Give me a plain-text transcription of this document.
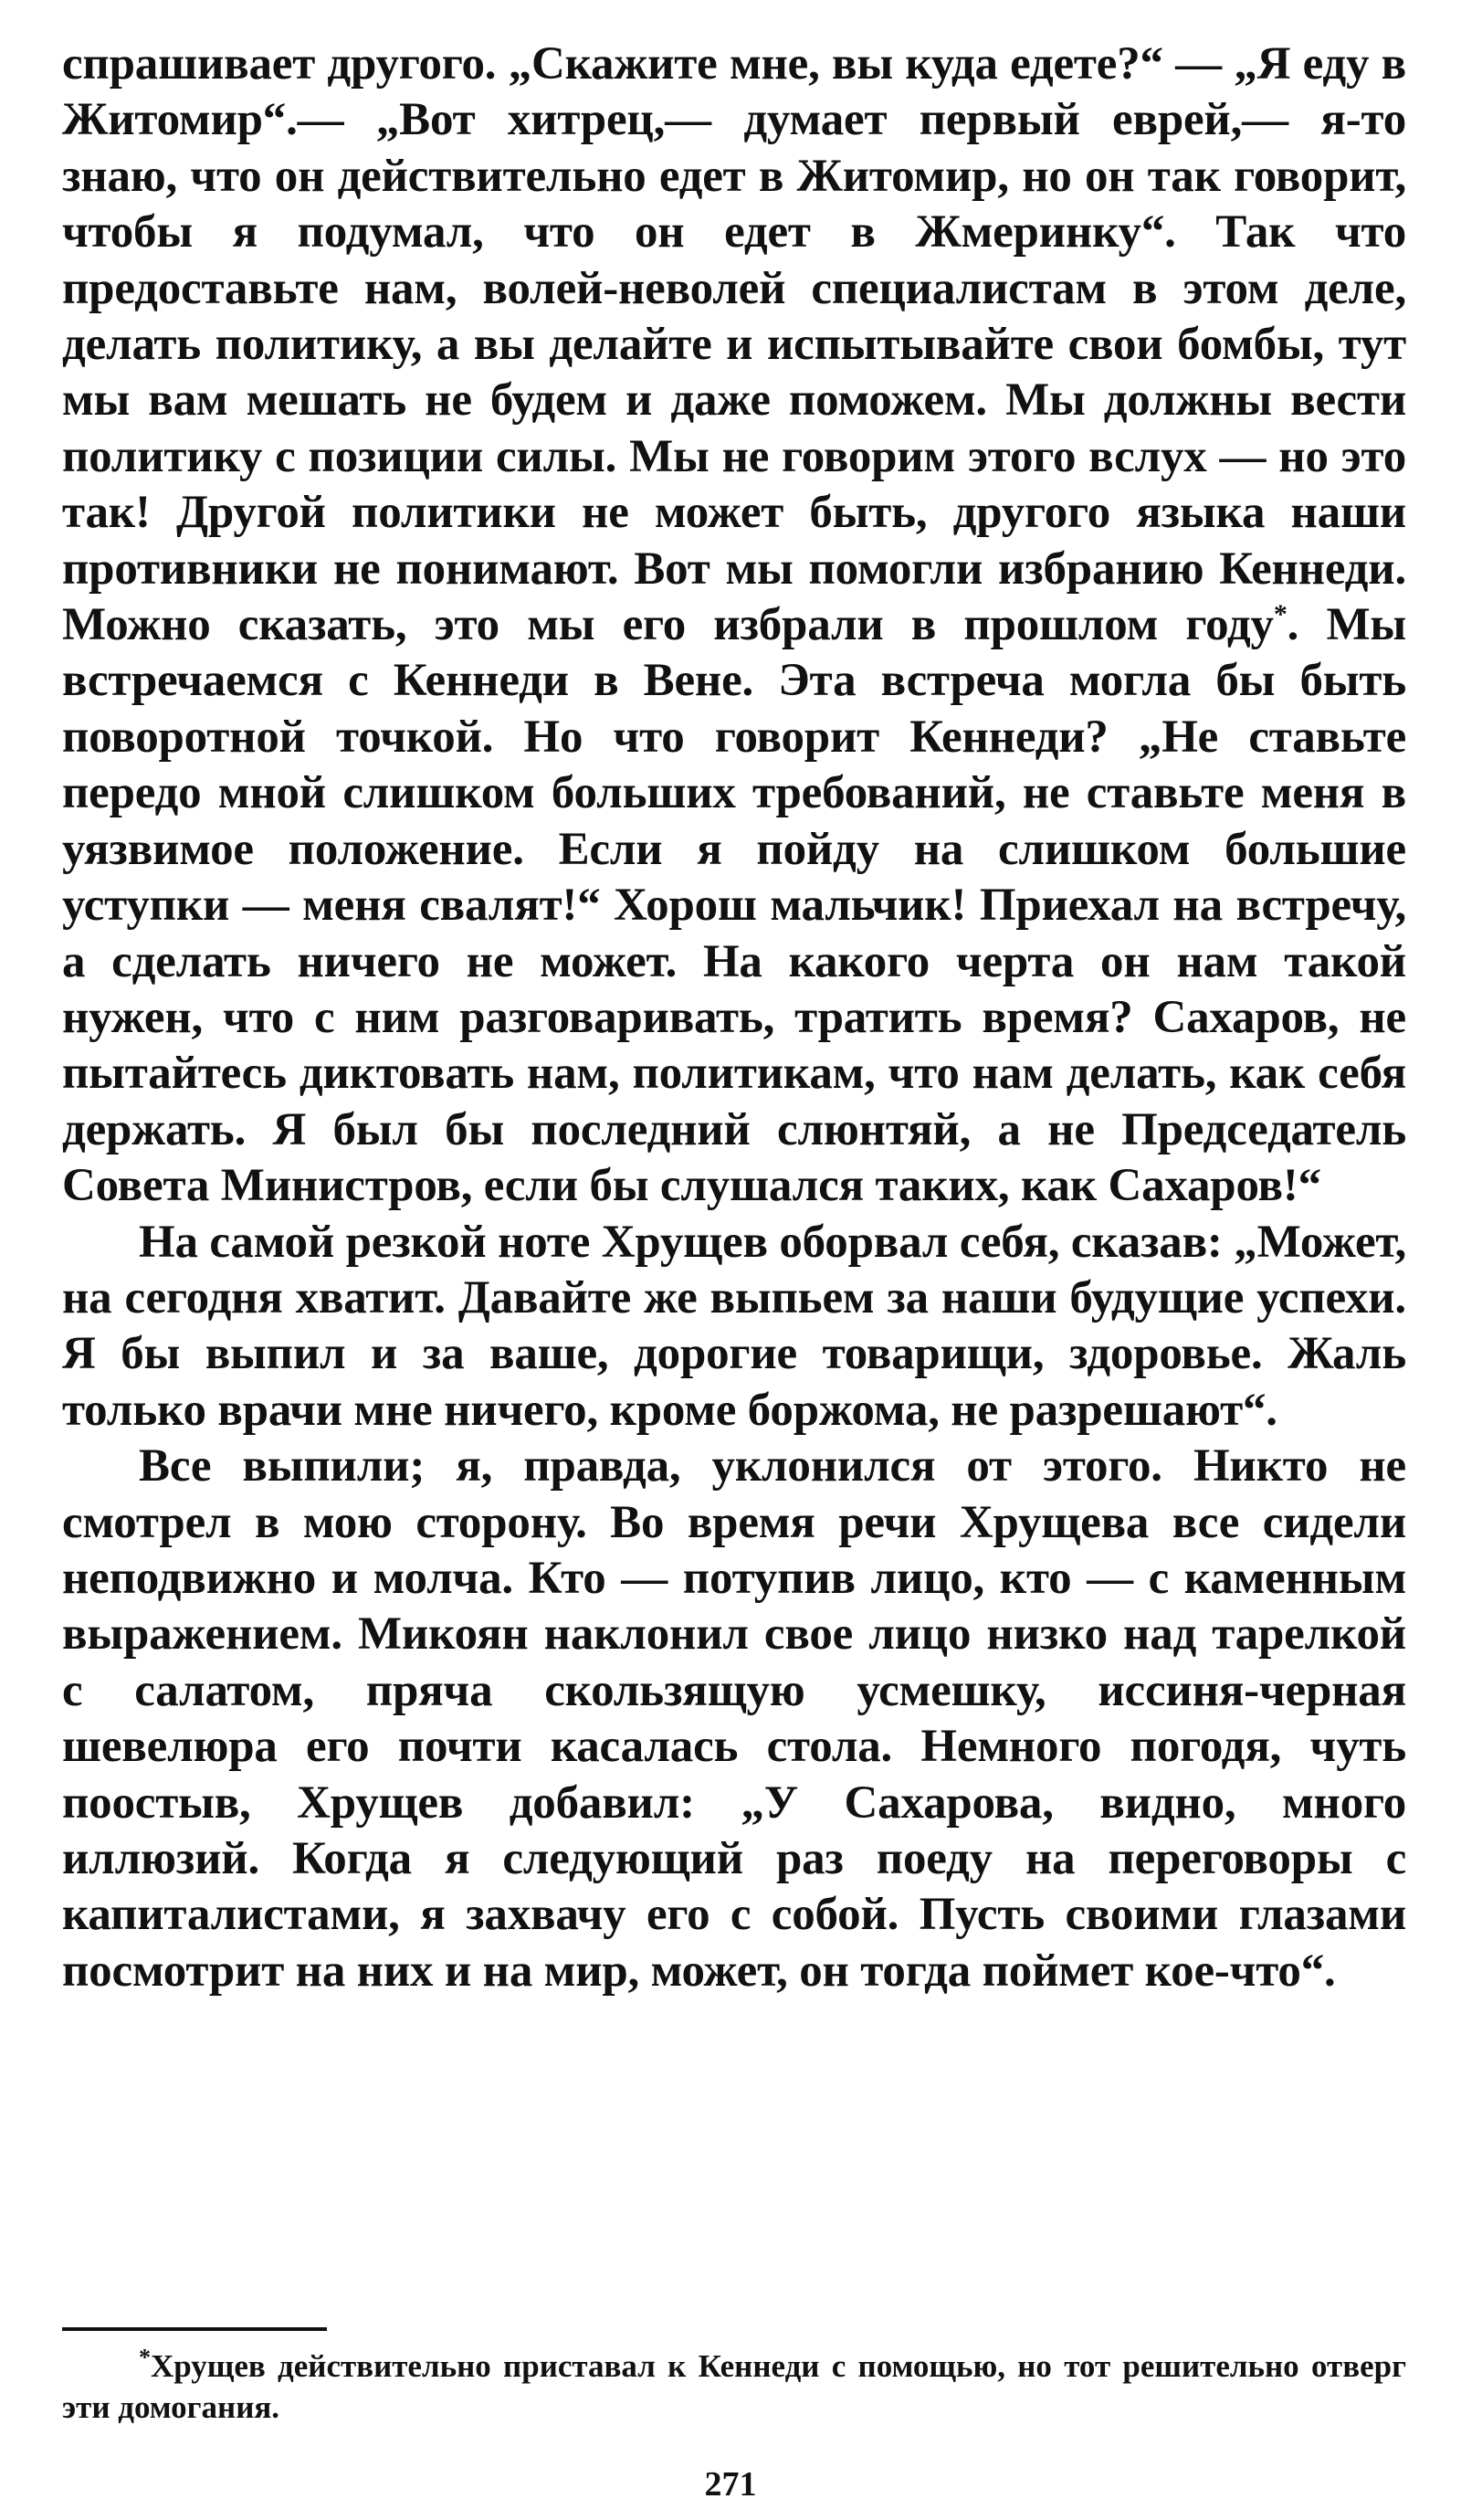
спрашивает другого. „Скажите мне, вы куда едете?“ — „Я еду в Житомир“.— „Вот хитрец,— думает первый еврей,— я-то знаю, что он действительно едет в Житомир, но он так говорит, чтобы я подумал, что он едет в Жмеринку“. Так что предоставьте нам, волей-неволей специалистам в этом деле, делать политику, а вы делайте и испытывайте свои бомбы, тут мы вам мешать не будем и даже поможем. Мы должны вести политику с позиции силы. Мы не говорим этого вслух — но это так! Другой политики не может быть, другого языка наши противники не понимают. Вот мы помогли избранию Кеннеди. Можно сказать, это мы его избрали в прошлом году*. Мы встречаемся с Кеннеди в Вене. Эта встреча могла бы быть поворотной точкой. Но что говорит Кеннеди? „Не ставьте передо мной слишком больших требований, не ставьте меня в уязвимое положение. Если я пойду на слишком большие уступки — меня свалят!“ Хорош мальчик! Приехал на встречу, а сделать ничего не может. На какого черта он нам такой нужен, что с ним разговаривать, тратить время? Сахаров, не пытайтесь диктовать нам, политикам, что нам делать, как себя держать. Я был бы последний слюнтяй, а не Председатель Совета Министров, если бы слушался таких, как Сахаров!“

На самой резкой ноте Хрущев оборвал себя, сказав: „Может, на сегодня хватит. Давайте же выпьем за наши будущие успехи. Я бы выпил и за ваше, дорогие товарищи, здоровье. Жаль только врачи мне ничего, кроме боржома, не разрешают“.

Все выпили; я, правда, уклонился от этого. Никто не смотрел в мою сторону. Во время речи Хрущева все сидели неподвижно и молча. Кто — потупив лицо, кто — с каменным выражением. Микоян наклонил свое лицо низко над тарелкой с салатом, пряча скользящую усмешку, иссиня-черная шевелюра его почти касалась стола. Немного погодя, чуть поостыв, Хрущев добавил: „У Сахарова, видно, много иллюзий. Когда я следующий раз поеду на переговоры с капиталистами, я захвачу его с собой. Пусть своими глазами посмотрит на них и на мир, может, он тогда поймет кое-что“.

*Хрущев действительно приставал к Кеннеди с помощью, но тот решительно отверг эти домогания.

271
